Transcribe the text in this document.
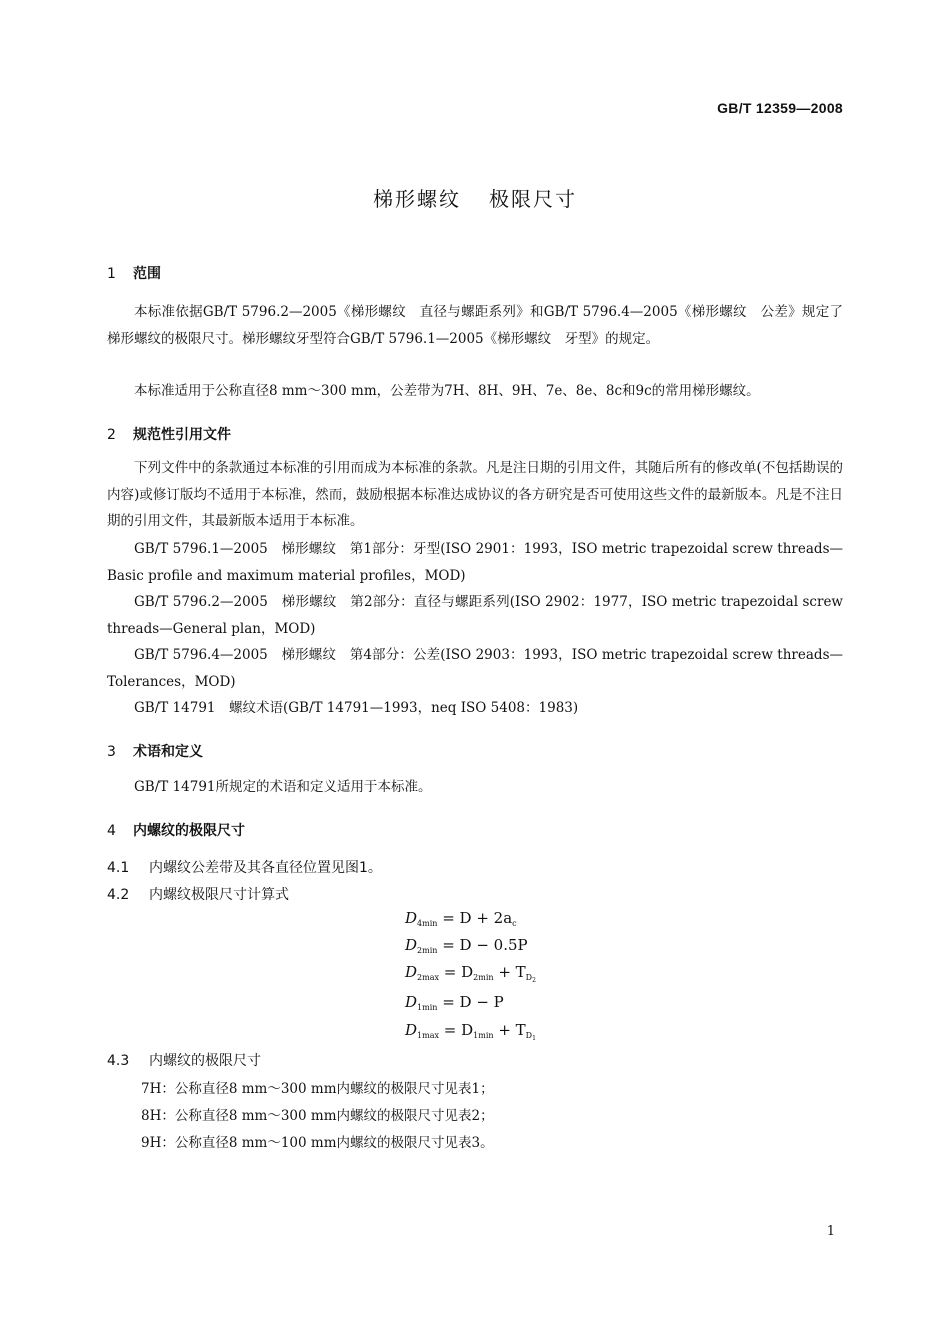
GB/T 12359—2008
梯形螺纹 极限尺寸
1 范围
本标准依据GB/T 5796.2—2005《梯形螺纹　直径与螺距系列》和GB/T 5796.4—2005《梯形螺纹　公差》规定了梯形螺纹的极限尺寸。梯形螺纹牙型符合GB/T 5796.1—2005《梯形螺纹　牙型》的规定。
本标准适用于公称直径8 mm～300 mm，公差带为7H、8H、9H、7e、8e、8c和9c的常用梯形螺纹。
2 规范性引用文件
下列文件中的条款通过本标准的引用而成为本标准的条款。凡是注日期的引用文件，其随后所有的修改单(不包括勘误的内容)或修订版均不适用于本标准，然而，鼓励根据本标准达成协议的各方研究是否可使用这些文件的最新版本。凡是不注日期的引用文件，其最新版本适用于本标准。
GB/T 5796.1—2005　梯形螺纹　第1部分：牙型(ISO 2901：1993，ISO metric trapezoidal screw threads—Basic profile and maximum material profiles，MOD)
GB/T 5796.2—2005　梯形螺纹　第2部分：直径与螺距系列(ISO 2902：1977，ISO metric trapezoidal screw threads—General plan，MOD)
GB/T 5796.4—2005　梯形螺纹　第4部分：公差(ISO 2903：1993，ISO metric trapezoidal screw threads—Tolerances，MOD)
GB/T 14791　螺纹术语(GB/T 14791—1993，neq ISO 5408：1983)
3 术语和定义
GB/T 14791所规定的术语和定义适用于本标准。
4 内螺纹的极限尺寸
4.1 内螺纹公差带及其各直径位置见图1。
4.2 内螺纹极限尺寸计算式
$D_{4min} = D + 2a_c$
$D_{2min} = D - 0.5P$
$D_{2max} = D_{2min} + T_{D_2}$
$D_{1min} = D - P$
$D_{1max} = D_{1min} + T_{D_1}$
4.3 内螺纹的极限尺寸
7H：公称直径8 mm～300 mm内螺纹的极限尺寸见表1；
8H：公称直径8 mm～300 mm内螺纹的极限尺寸见表2；
9H：公称直径8 mm～100 mm内螺纹的极限尺寸见表3。
1
